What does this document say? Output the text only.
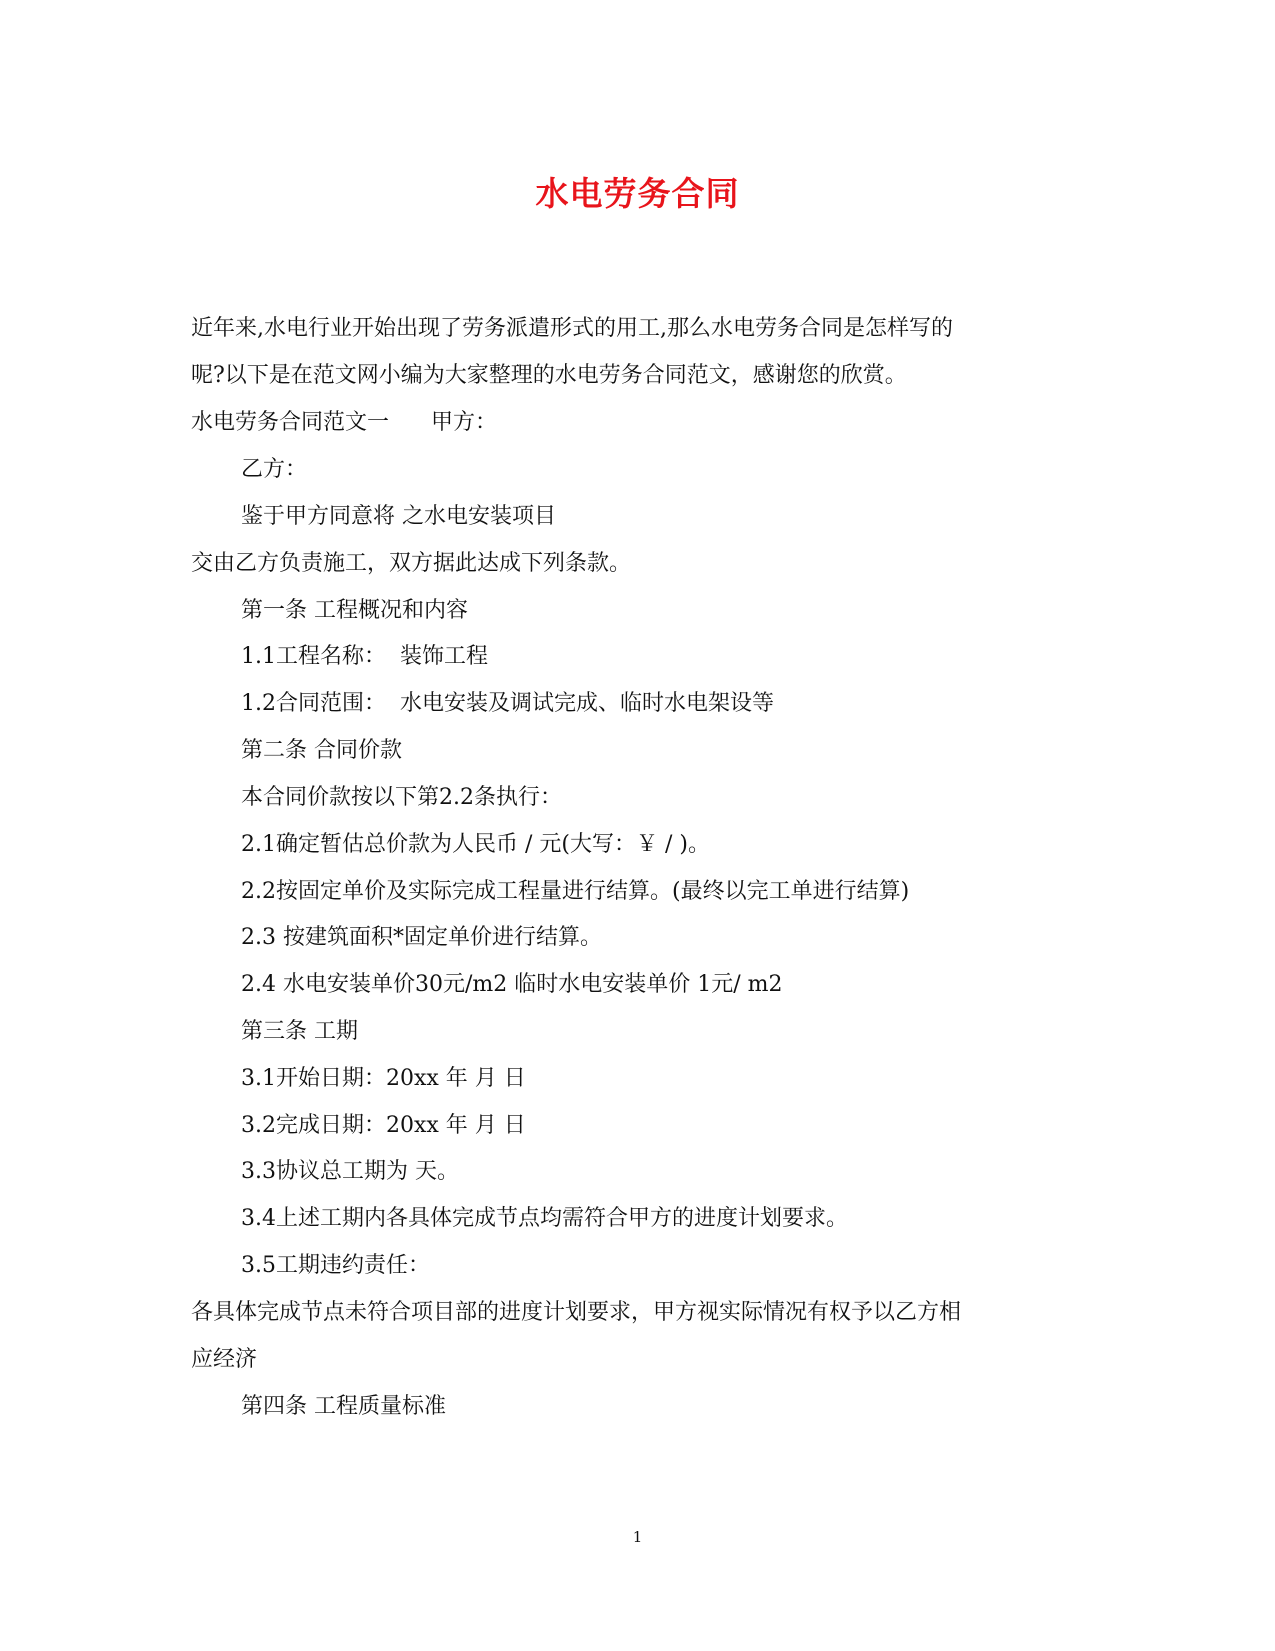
水电劳务合同
近年来,水电行业开始出现了劳务派遣形式的用工,那么水电劳务合同是怎样写的
呢?以下是在范文网小编为大家整理的水电劳务合同范文，感谢您的欣赏。
水电劳务合同范文一      甲方：
乙方：
鉴于甲方同意将 之水电安装项目
交由乙方负责施工，双方据此达成下列条款。
第一条 工程概况和内容
1.1工程名称：  装饰工程
1.2合同范围：  水电安装及调试完成、临时水电架设等
第二条 合同价款
本合同价款按以下第2.2条执行：
2.1确定暂估总价款为人民币 / 元(大写：￥ / )。
2.2按固定单价及实际完成工程量进行结算。(最终以完工单进行结算)
2.3 按建筑面积*固定单价进行结算。
2.4 水电安装单价30元/m2 临时水电安装单价 1元/ m2
第三条 工期
3.1开始日期：20xx 年 月 日
3.2完成日期：20xx 年 月 日
3.3协议总工期为 天。
3.4上述工期内各具体完成节点均需符合甲方的进度计划要求。
3.5工期违约责任：
各具体完成节点未符合项目部的进度计划要求，甲方视实际情况有权予以乙方相
应经济
第四条 工程质量标准
1
